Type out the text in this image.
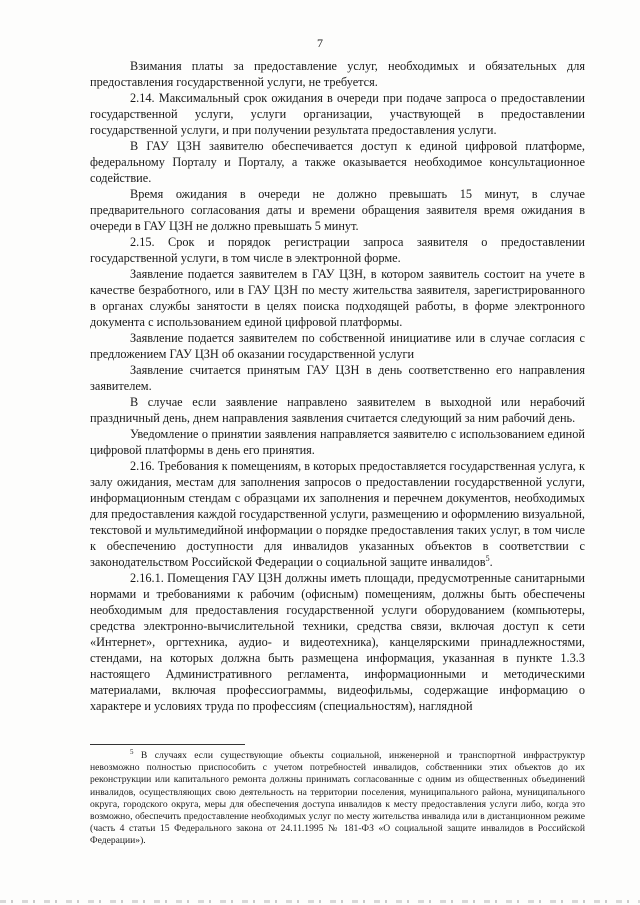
7

Взимания платы за предоставление услуг, необходимых и обязательных для предоставления государственной услуги, не требуется.

2.14. Максимальный срок ожидания в очереди при подаче запроса о предоставлении государственной услуги, услуги организации, участвующей в предоставлении государственной услуги, и при получении результата предоставления услуги.

В ГАУ ЦЗН заявителю обеспечивается доступ к единой цифровой платформе, федеральному Порталу и Порталу, а также оказывается необходимое консультационное содействие.

Время ожидания в очереди не должно превышать 15 минут, в случае предварительного согласования даты и времени обращения заявителя время ожидания в очереди в ГАУ ЦЗН не должно превышать 5 минут.

2.15. Срок и порядок регистрации запроса заявителя о предоставлении государственной услуги, в том числе в электронной форме.

Заявление подается заявителем в ГАУ ЦЗН, в котором заявитель состоит на учете в качестве безработного, или в ГАУ ЦЗН по месту жительства заявителя, зарегистрированного в органах службы занятости в целях поиска подходящей работы, в форме электронного документа с использованием единой цифровой платформы.

Заявление подается заявителем по собственной инициативе или в случае согласия с предложением ГАУ ЦЗН об оказании государственной услуги

Заявление считается принятым ГАУ ЦЗН в день соответственно его направления заявителем.

В случае если заявление направлено заявителем в выходной или нерабочий праздничный день, днем направления заявления считается следующий за ним рабочий день.

Уведомление о принятии заявления направляется заявителю с использованием единой цифровой платформы в день его принятия.

2.16. Требования к помещениям, в которых предоставляется государственная услуга, к залу ожидания, местам для заполнения запросов о предоставлении государственной услуги, информационным стендам с образцами их заполнения и перечнем документов, необходимых для предоставления каждой государственной услуги, размещению и оформлению визуальной, текстовой и мультимедийной информации о порядке предоставления таких услуг, в том числе к обеспечению доступности для инвалидов указанных объектов в соответствии с законодательством Российской Федерации о социальной защите инвалидов$^5$.

2.16.1. Помещения ГАУ ЦЗН должны иметь площади, предусмотренные санитарными нормами и требованиями к рабочим (офисным) помещениям, должны быть обеспечены необходимым для предоставления государственной услуги оборудованием (компьютеры, средства электронно-вычислительной техники, средства связи, включая доступ к сети «Интернет», оргтехника, аудио- и видеотехника), канцелярскими принадлежностями, стендами, на которых должна быть размещена информация, указанная в пункте 1.3.3 настоящего Административного регламента, информационными и методическими материалами, включая профессиограммы, видеофильмы, содержащие информацию о характере и условиях труда по профессиям (специальностям), наглядной

$^5$ В случаях если существующие объекты социальной, инженерной и транспортной инфраструктур невозможно полностью приспособить с учетом потребностей инвалидов, собственники этих объектов до их реконструкции или капитального ремонта должны принимать согласованные с одним из общественных объединений инвалидов, осуществляющих свою деятельность на территории поселения, муниципального района, муниципального округа, городского округа, меры для обеспечения доступа инвалидов к месту предоставления услуги либо, когда это возможно, обеспечить предоставление необходимых услуг по месту жительства инвалида или в дистанционном режиме (часть 4 статьи 15 Федерального закона от 24.11.1995 № 181-ФЗ «О социальной защите инвалидов в Российской Федерации»).
